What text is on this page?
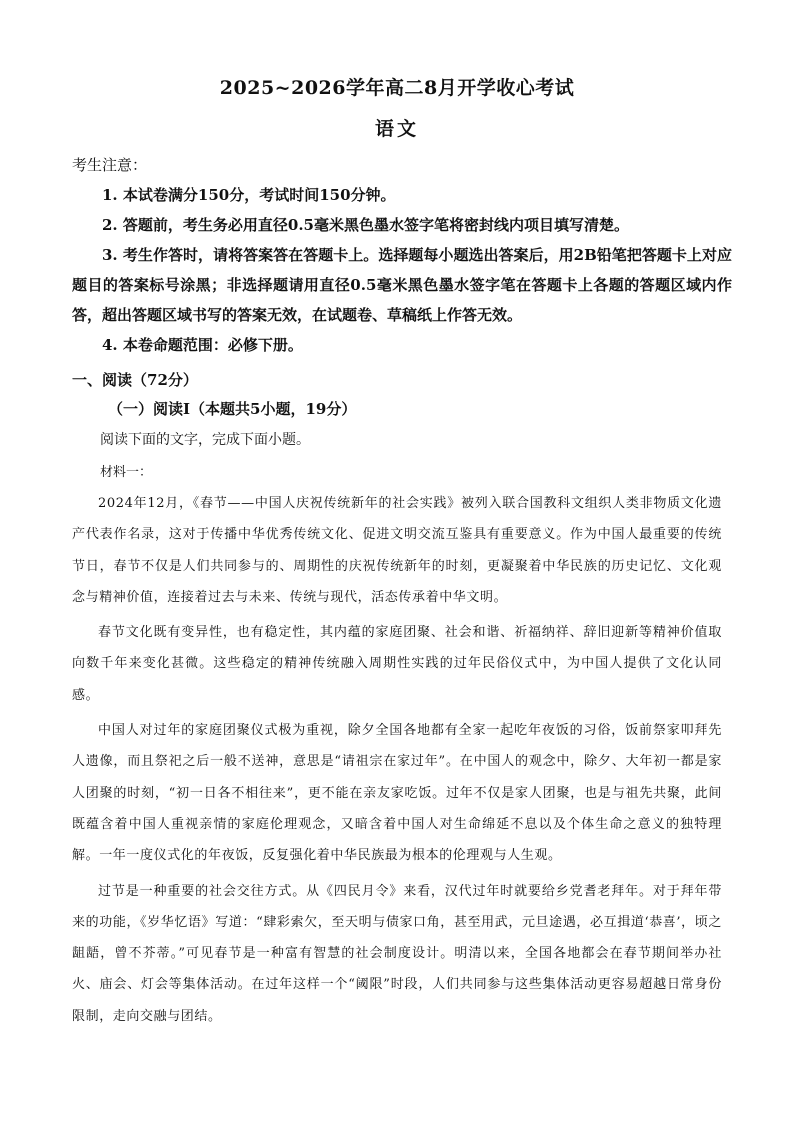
2025~2026学年高二8月开学收心考试
语文
考生注意：

1. 本试卷满分150分，考试时间150分钟。

2. 答题前，考生务必用直径0.5毫米黑色墨水签字笔将密封线内项目填写清楚。

3. 考生作答时，请将答案答在答题卡上。选择题每小题选出答案后，用2B铅笔把答题卡上对应题目的答案标号涂黑；非选择题请用直径0.5毫米黑色墨水签字笔在答题卡上各题的答题区域内作答，超出答题区域书写的答案无效，在试题卷、草稿纸上作答无效。

4. 本卷命题范围：必修下册。

一、阅读（72分）
（一）阅读Ⅰ（本题共5小题，19分）
阅读下面的文字，完成下面小题。
材料一：

2024年12月，《春节——中国人庆祝传统新年的社会实践》被列入联合国教科文组织人类非物质文化遗产代表作名录，这对于传播中华优秀传统文化、促进文明交流互鉴具有重要意义。作为中国人最重要的传统节日，春节不仅是人们共同参与的、周期性的庆祝传统新年的时刻，更凝聚着中华民族的历史记忆、文化观念与精神价值，连接着过去与未来、传统与现代，活态传承着中华文明。

春节文化既有变异性，也有稳定性，其内蕴的家庭团聚、社会和谐、祈福纳祥、辞旧迎新等精神价值取向数千年来变化甚微。这些稳定的精神传统融入周期性实践的过年民俗仪式中，为中国人提供了文化认同感。

中国人对过年的家庭团聚仪式极为重视，除夕全国各地都有全家一起吃年夜饭的习俗，饭前祭家叩拜先人遗像，而且祭祀之后一般不送神，意思是“请祖宗在家过年”。在中国人的观念中，除夕、大年初一都是家人团聚的时刻，“初一日各不相往来”，更不能在亲友家吃饭。过年不仅是家人团聚，也是与祖先共聚，此间既蕴含着中国人重视亲情的家庭伦理观念，又暗含着中国人对生命绵延不息以及个体生命之意义的独特理解。一年一度仪式化的年夜饭，反复强化着中华民族最为根本的伦理观与人生观。

过节是一种重要的社会交往方式。从《四民月令》来看，汉代过年时就要给乡党耆老拜年。对于拜年带来的功能，《岁华忆语》写道：“肆彩索欠，至天明与债家口角，甚至用武，元旦途遇，必互揖道‘恭喜’，顷之龃龉，曾不芥蒂。”可见春节是一种富有智慧的社会制度设计。明清以来，全国各地都会在春节期间举办社火、庙会、灯会等集体活动。在过年这样一个“阈限”时段，人们共同参与这些集体活动更容易超越日常身份限制，走向交融与团结。
